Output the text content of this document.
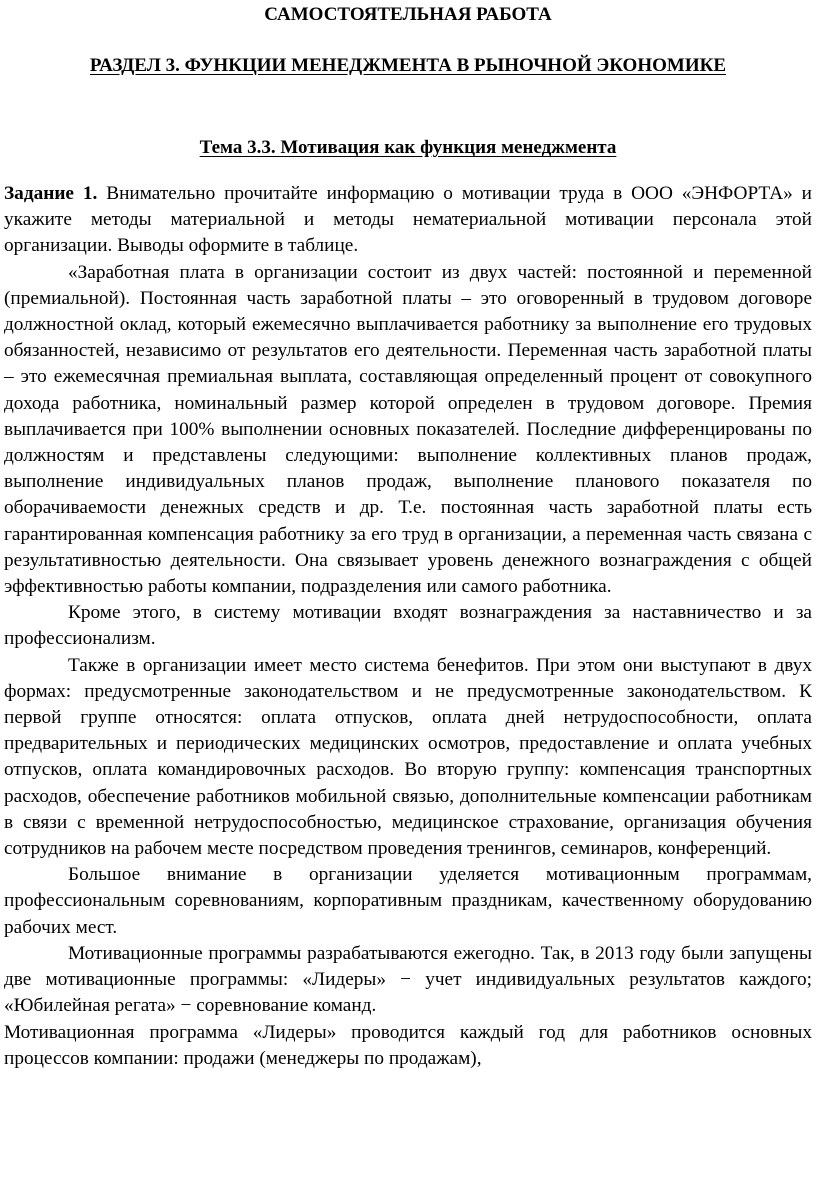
САМОСТОЯТЕЛЬНАЯ РАБОТА
РАЗДЕЛ 3. ФУНКЦИИ МЕНЕДЖМЕНТА В РЫНОЧНОЙ ЭКОНОМИКЕ
Тема 3.3. Мотивация как функция менеджмента

Задание 1. Внимательно прочитайте информацию о мотивации труда в ООО «ЭНФОРТА» и укажите методы материальной и методы нематериальной мотивации персонала этой организации. Выводы оформите в таблице.

«Заработная плата в организации состоит из двух частей: постоянной и переменной (премиальной). Постоянная часть заработной платы – это оговоренный в трудовом договоре должностной оклад, который ежемесячно выплачивается работнику за выполнение его трудовых обязанностей, независимо от результатов его деятельности. Переменная часть заработной платы – это ежемесячная премиальная выплата, составляющая определенный процент от совокупного дохода работника, номинальный размер которой определен в трудовом договоре. Премия выплачивается при 100% выполнении основных показателей. Последние дифференцированы по должностям и представлены следующими: выполнение коллективных планов продаж, выполнение индивидуальных планов продаж, выполнение планового показателя по оборачиваемости денежных средств и др. Т.е. постоянная часть заработной платы есть гарантированная компенсация работнику за его труд в организации, а переменная часть связана с результативностью деятельности. Она связывает уровень денежного вознаграждения с общей эффективностью работы компании, подразделения или самого работника.

Кроме этого, в систему мотивации входят вознаграждения за наставничество и за профессионализм.

Также в организации имеет место система бенефитов. При этом они выступают в двух формах: предусмотренные законодательством и не предусмотренные законодательством. К первой группе относятся: оплата отпусков, оплата дней нетрудоспособности, оплата предварительных и периодических медицинских осмотров, предоставление и оплата учебных отпусков, оплата командировочных расходов. Во вторую группу: компенсация транспортных расходов, обеспечение работников мобильной связью, дополнительные компенсации работникам в связи с временной нетрудоспособностью, медицинское страхование, организация обучения сотрудников на рабочем месте посредством проведения тренингов, семинаров, конференций.

Большое внимание в организации уделяется мотивационным программам, профессиональным соревнованиям, корпоративным праздникам, качественному оборудованию рабочих мест.

Мотивационные программы разрабатываются ежегодно. Так, в 2013 году были запущены две мотивационные программы: «Лидеры» − учет индивидуальных результатов каждого; «Юбилейная регата» − соревнование команд.

Мотивационная программа «Лидеры» проводится каждый год для работников основных процессов компании: продажи (менеджеры по продажам),
